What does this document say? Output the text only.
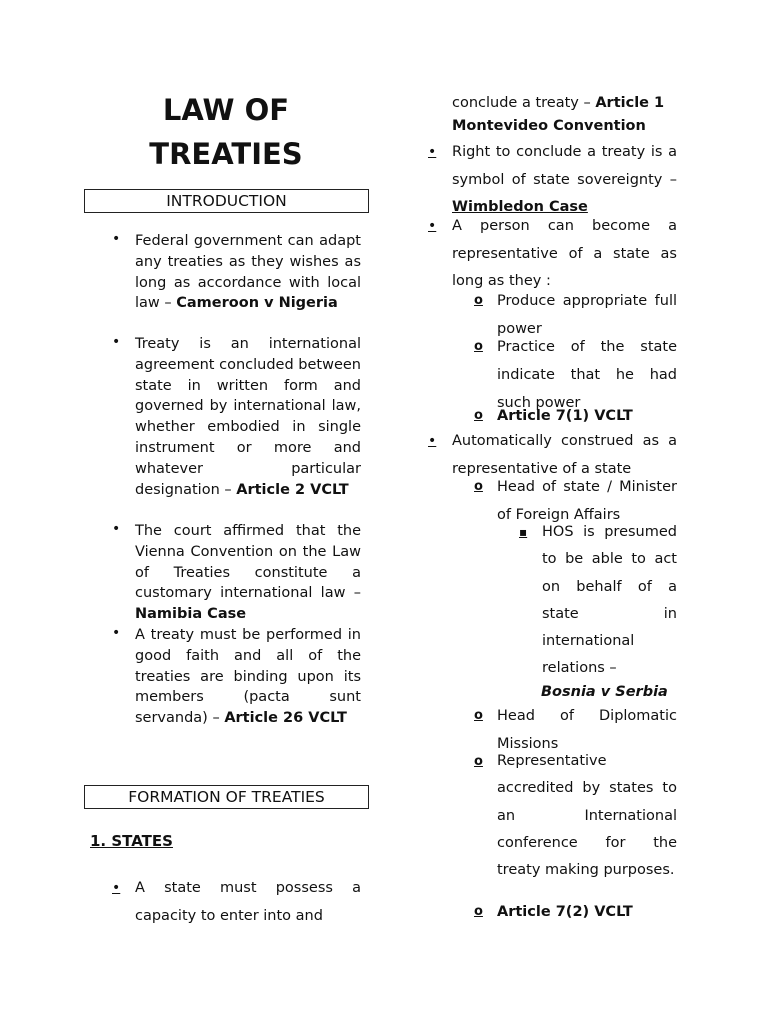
LAW OF
TREATIES
INTRODUCTION
• Federal government can adapt any treaties as they wishes as long as accordance with local law – Cameroon v Nigeria
• Treaty is an international agreement concluded between state in written form and governed by international law, whether embodied in single instrument or more and whatever particular designation – Article 2 VCLT
• The court affirmed that the Vienna Convention on the Law of Treaties constitute a customary international law – Namibia Case
• A treaty must be performed in good faith and all of the treaties are binding upon its members (pacta sunt servanda) – Article 26 VCLT
FORMATION OF TREATIES
1. STATES
• A state must possess a capacity to enter into and
conclude a treaty – Article 1
Montevideo Convention
• Right to conclude a treaty is a symbol of state sovereignty – Wimbledon Case
• A person can become a representative of a state as long as they :
o Produce appropriate full power
o Practice of the state indicate that he had such power
o Article 7(1) VCLT
• Automatically construed as a representative of a state
o Head of state / Minister of Foreign Affairs
▪ HOS is presumed to be able to act on behalf of a state in international relations –
Bosnia v Serbia
o Head of Diplomatic Missions
o Representative accredited by states to an International conference for the treaty making purposes.
o Article 7(2) VCLT
